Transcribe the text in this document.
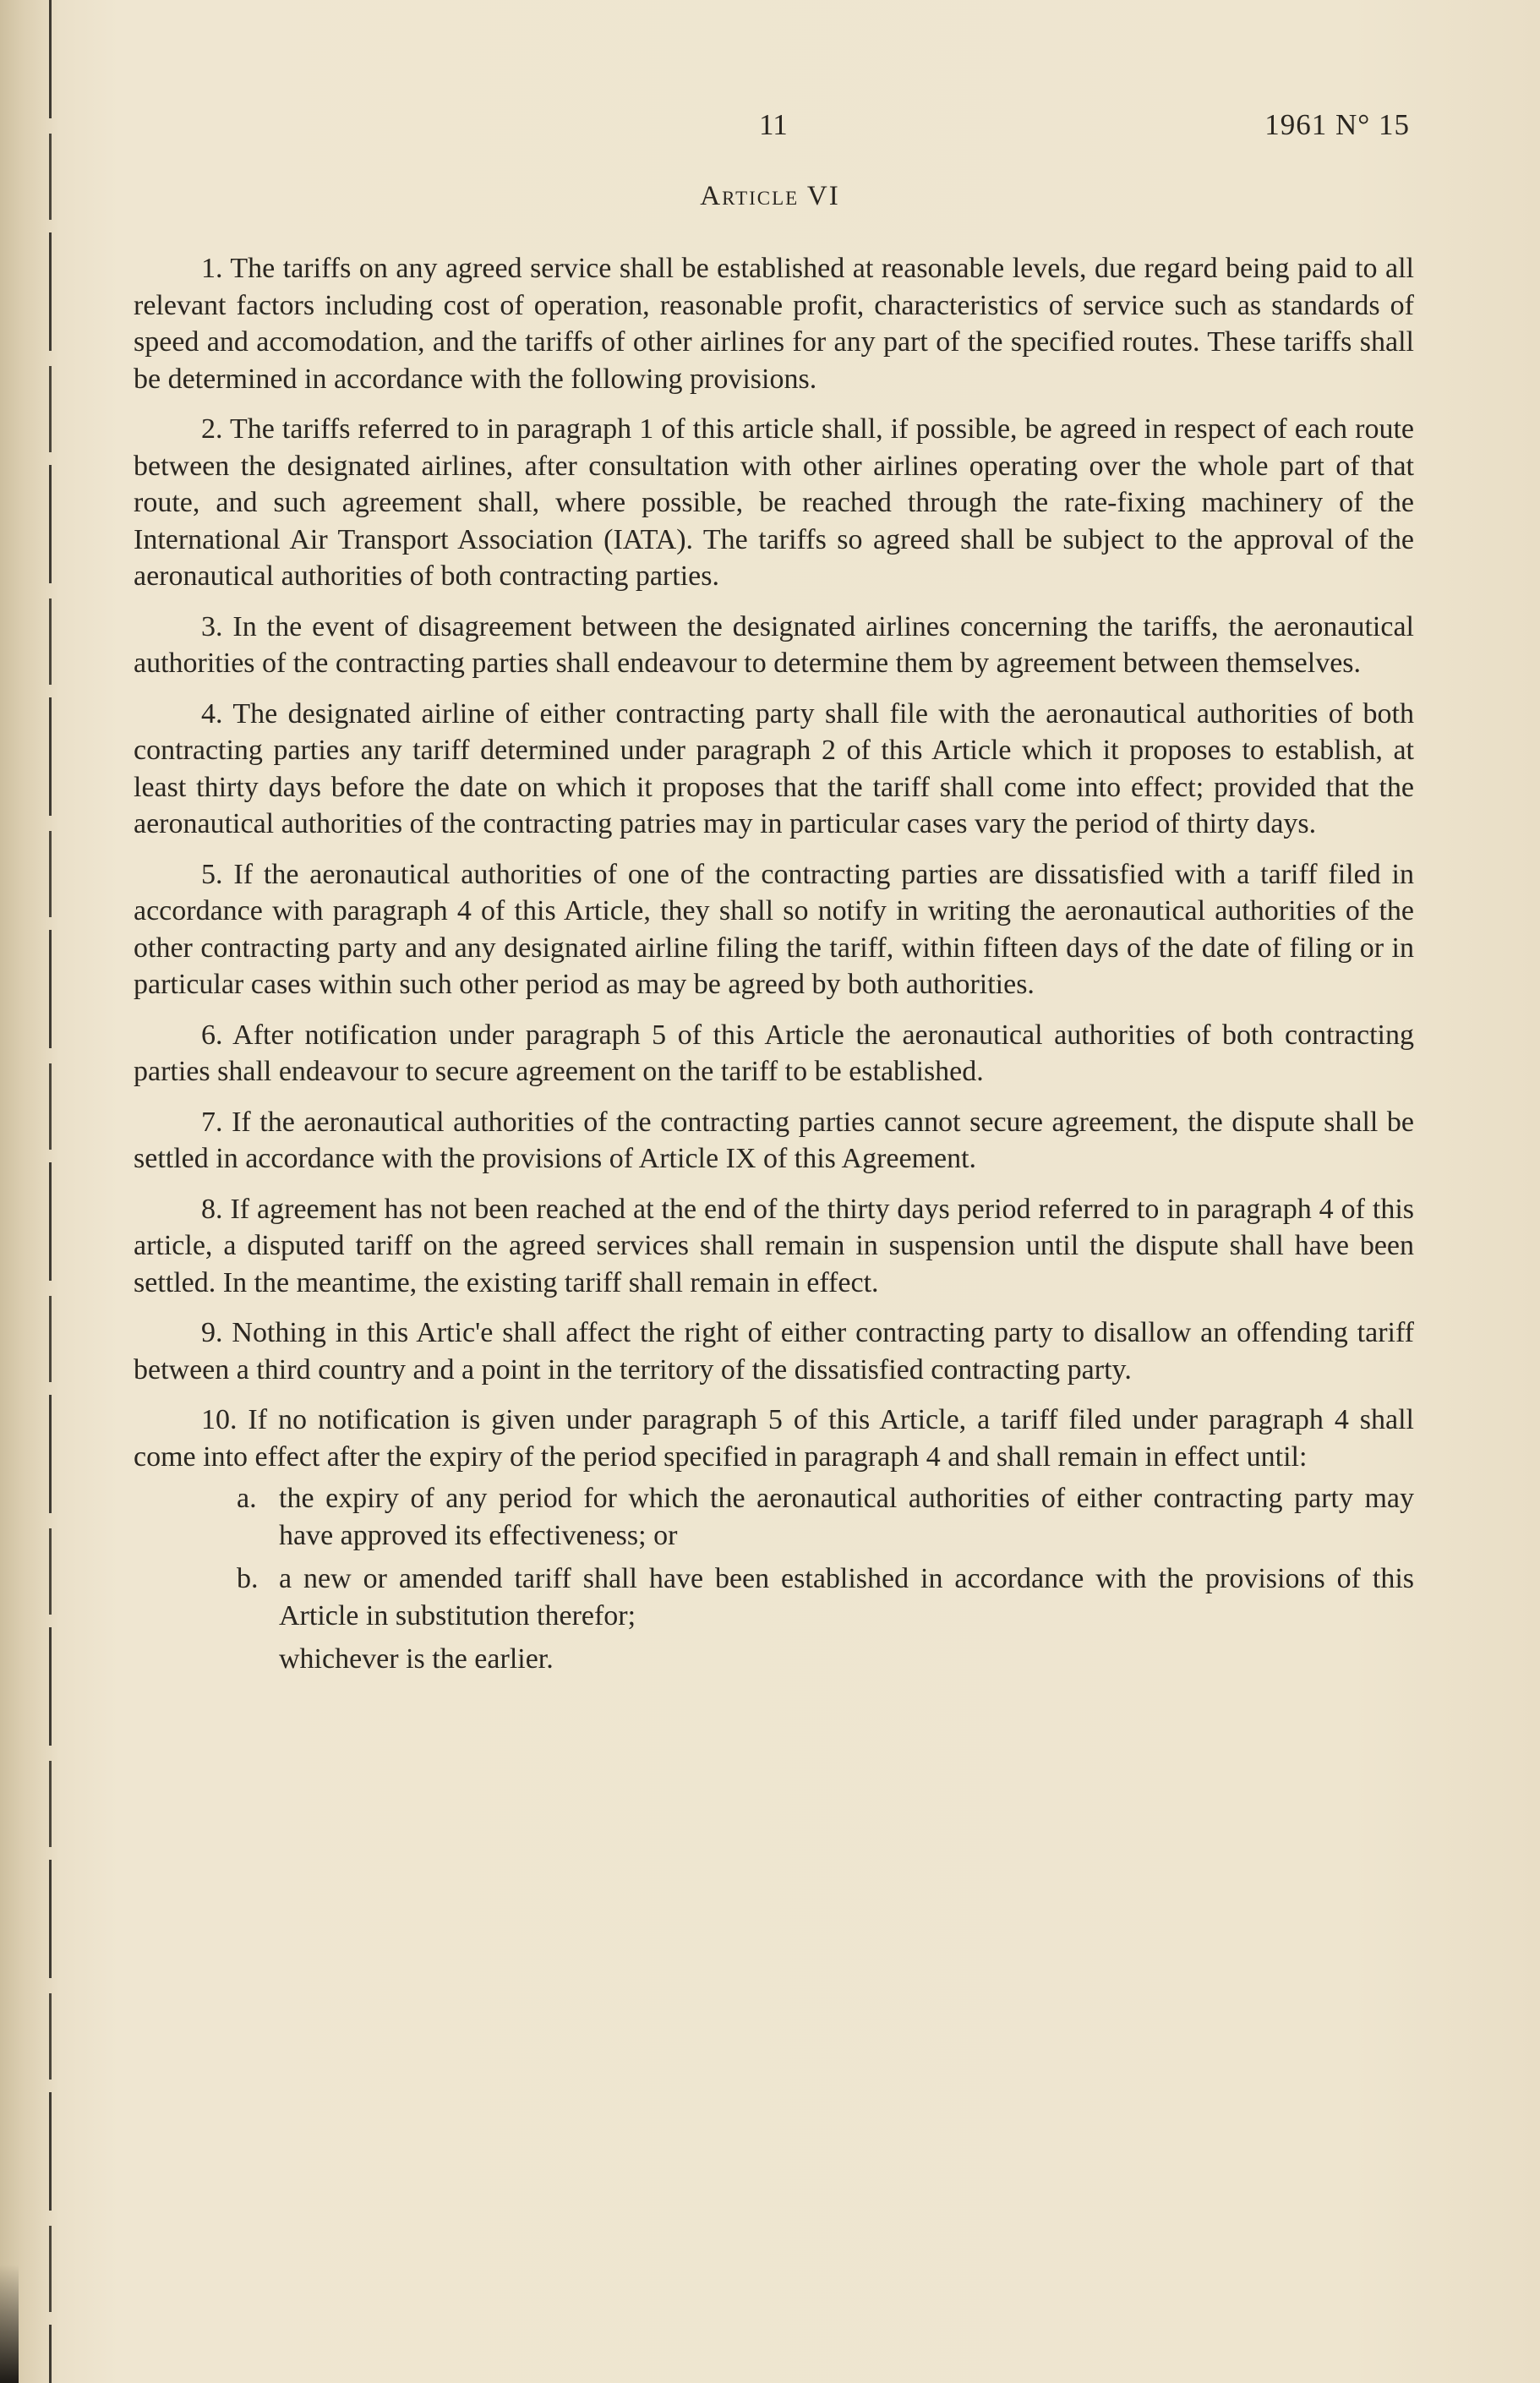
11	1961 N° 15
Article VI

1. The tariffs on any agreed service shall be established at reasonable levels, due regard being paid to all relevant factors including cost of operation, reasonable profit, characteristics of service such as standards of speed and accomodation, and the tariffs of other airlines for any part of the specified routes. These tariffs shall be determined in accordance with the following provisions.

2. The tariffs referred to in paragraph 1 of this article shall, if possible, be agreed in respect of each route between the designated airlines, after consultation with other airlines operating over the whole part of that route, and such agreement shall, where possible, be reached through the rate-fixing machinery of the International Air Transport Association (IATA). The tariffs so agreed shall be subject to the approval of the aeronautical authorities of both contracting parties.

3. In the event of disagreement between the designated airlines concerning the tariffs, the aeronautical authorities of the contracting parties shall endeavour to determine them by agreement between themselves.

4. The designated airline of either contracting party shall file with the aeronautical authorities of both contracting parties any tariff determined under paragraph 2 of this Article which it proposes to establish, at least thirty days before the date on which it proposes that the tariff shall come into effect; provided that the aeronautical authorities of the contracting patries may in particular cases vary the period of thirty days.

5. If the aeronautical authorities of one of the contracting parties are dissatisfied with a tariff filed in accordance with paragraph 4 of this Article, they shall so notify in writing the aeronautical authorities of the other contracting party and any designated airline filing the tariff, within fifteen days of the date of filing or in particular cases within such other period as may be agreed by both authorities.

6. After notification under paragraph 5 of this Article the aeronautical authorities of both contracting parties shall endeavour to secure agreement on the tariff to be established.

7. If the aeronautical authorities of the contracting parties cannot secure agreement, the dispute shall be settled in accordance with the provisions of Article IX of this Agreement.

8. If agreement has not been reached at the end of the thirty days period referred to in paragraph 4 of this article, a disputed tariff on the agreed services shall remain in suspension until the dispute shall have been settled. In the meantime, the existing tariff shall remain in effect.

9. Nothing in this Artic'e shall affect the right of either contracting party to disallow an offending tariff between a third country and a point in the territory of the dissatisfied contracting party.

10. If no notification is given under paragraph 5 of this Article, a tariff filed under paragraph 4 shall come into effect after the expiry of the period specified in paragraph 4 and shall remain in effect until:

a. the expiry of any period for which the aeronautical authorities of either contracting party may have approved its effectiveness; or
b. a new or amended tariff shall have been established in accordance with the provisions of this Article in substitution therefor;

whichever is the earlier.
